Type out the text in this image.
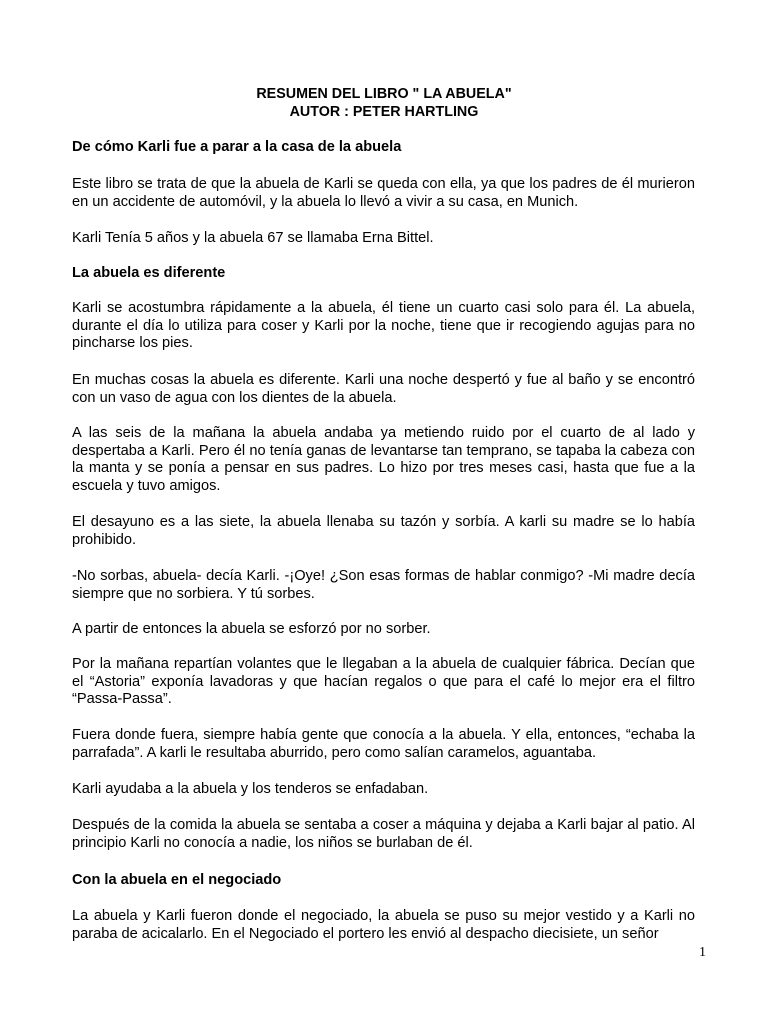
RESUMEN DEL LIBRO " LA ABUELA"
AUTOR : PETER HARTLING
De cómo Karli fue a parar a la casa de la abuela
Este libro se trata de que la abuela de Karli se queda con ella, ya que los padres de él murieron en un accidente de automóvil, y la abuela lo llevó a vivir a su casa, en Munich.
Karli Tenía 5 años y la abuela 67 se llamaba Erna Bittel.
La abuela es diferente
Karli se acostumbra rápidamente a la abuela, él tiene un cuarto casi solo para él. La abuela, durante el día lo utiliza para coser y Karli por la noche, tiene que ir recogiendo agujas para no pincharse los pies.
En muchas cosas la abuela es diferente. Karli una noche despertó y fue al baño y se encontró con un vaso de agua con los dientes de la abuela.
A las seis de la mañana la abuela andaba ya metiendo ruido por el cuarto de al lado y despertaba a Karli. Pero él no tenía ganas de levantarse tan temprano, se tapaba la cabeza con la manta y se ponía a pensar en sus padres. Lo hizo por tres meses casi, hasta que fue a la escuela y tuvo amigos.
El desayuno es a las siete, la abuela llenaba su tazón y sorbía. A karli su madre se lo había prohibido.
-No sorbas, abuela- decía Karli. -¡Oye! ¿Son esas formas de hablar conmigo? -Mi madre decía siempre que no sorbiera. Y tú sorbes.
A partir de entonces la abuela se esforzó por no sorber.
Por la mañana repartían volantes que le llegaban a la abuela de cualquier fábrica. Decían que el “Astoria” exponía lavadoras y que hacían regalos o que para el café lo mejor era el filtro “Passa-Passa”.
Fuera donde fuera, siempre había gente que conocía a la abuela. Y ella, entonces, “echaba la parrafada”. A karli le resultaba aburrido, pero como salían caramelos, aguantaba.
Karli ayudaba a la abuela y los tenderos se enfadaban.
Después de la comida la abuela se sentaba a coser a máquina y dejaba a Karli bajar al patio. Al principio Karli no conocía a nadie, los niños se burlaban de él.
Con la abuela en el negociado
La abuela y Karli fueron donde el negociado, la abuela se puso su mejor vestido y a Karli no paraba de acicalarlo. En el Negociado el portero les envió al despacho diecisiete, un señor
1
